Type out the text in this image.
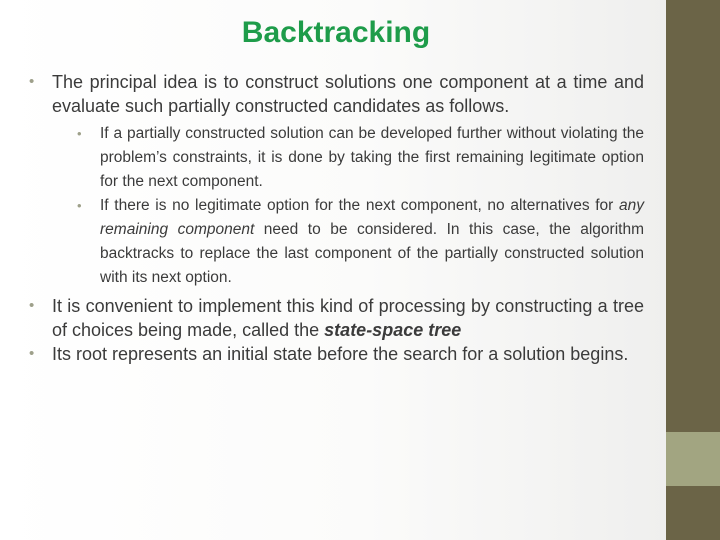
Backtracking
• The principal idea is to construct solutions one component at a time and evaluate such partially constructed candidates as follows.
• If a partially constructed solution can be developed further without violating the problem’s constraints, it is done by taking the first remaining legitimate option for the next component.
• If there is no legitimate option for the next component, no alternatives for any remaining component need to be considered. In this case, the algorithm backtracks to replace the last component of the partially constructed solution with its next option.
• It is convenient to implement this kind of processing by constructing a tree of choices being made, called the state-space tree
• Its root represents an initial state before the search for a solution begins.
